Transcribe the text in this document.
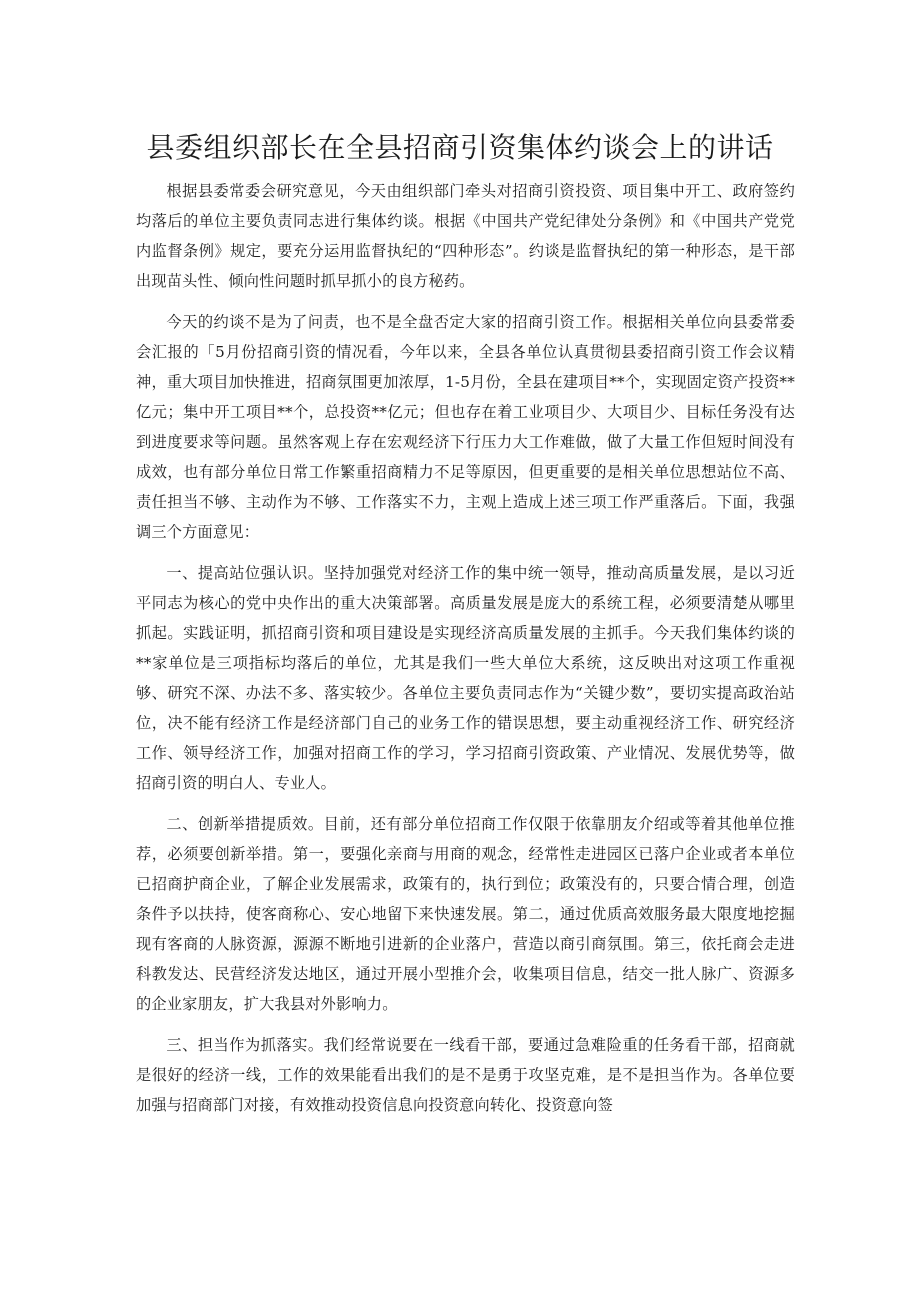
县委组织部长在全县招商引资集体约谈会上的讲话

根据县委常委会研究意见，今天由组织部门牵头对招商引资投资、项目集中开工、政府签约均落后的单位主要负责同志进行集体约谈。根据《中国共产党纪律处分条例》和《中国共产党党内监督条例》规定，要充分运用监督执纪的“四种形态”。约谈是监督执纪的第一种形态，是干部出现苗头性、倾向性问题时抓早抓小的良方秘药。

今天的约谈不是为了问责，也不是全盘否定大家的招商引资工作。根据相关单位向县委常委会汇报的「5月份招商引资的情况看，今年以来，全县各单位认真贯彻县委招商引资工作会议精神，重大项目加快推进，招商氛围更加浓厚，1-5月份，全县在建项目**个，实现固定资产投资**亿元；集中开工项目**个，总投资**亿元；但也存在着工业项目少、大项目少、目标任务没有达到进度要求等问题。虽然客观上存在宏观经济下行压力大工作难做，做了大量工作但短时间没有成效，也有部分单位日常工作繁重招商精力不足等原因，但更重要的是相关单位思想站位不高、责任担当不够、主动作为不够、工作落实不力，主观上造成上述三项工作严重落后。下面，我强调三个方面意见：

一、提高站位强认识。坚持加强党对经济工作的集中统一领导，推动高质量发展，是以习近平同志为核心的党中央作出的重大决策部署。高质量发展是庞大的系统工程，必须要清楚从哪里抓起。实践证明，抓招商引资和项目建设是实现经济高质量发展的主抓手。今天我们集体约谈的**家单位是三项指标均落后的单位，尤其是我们一些大单位大系统，这反映出对这项工作重视够、研究不深、办法不多、落实较少。各单位主要负责同志作为“关键少数”，要切实提高政治站位，决不能有经济工作是经济部门自己的业务工作的错误思想，要主动重视经济工作、研究经济工作、领导经济工作，加强对招商工作的学习，学习招商引资政策、产业情况、发展优势等，做招商引资的明白人、专业人。

二、创新举措提质效。目前，还有部分单位招商工作仅限于依靠朋友介绍或等着其他单位推荐，必须要创新举措。第一，要强化亲商与用商的观念，经常性走进园区已落户企业或者本单位已招商护商企业，了解企业发展需求，政策有的，执行到位；政策没有的，只要合情合理，创造条件予以扶持，使客商称心、安心地留下来快速发展。第二，通过优质高效服务最大限度地挖掘现有客商的人脉资源，源源不断地引进新的企业落户，营造以商引商氛围。第三，依托商会走进科教发达、民营经济发达地区，通过开展小型推介会，收集项目信息，结交一批人脉广、资源多的企业家朋友，扩大我县对外影响力。

三、担当作为抓落实。我们经常说要在一线看干部，要通过急难险重的任务看干部，招商就是很好的经济一线，工作的效果能看出我们的是不是勇于攻坚克难，是不是担当作为。各单位要加强与招商部门对接，有效推动投资信息向投资意向转化、投资意向签
